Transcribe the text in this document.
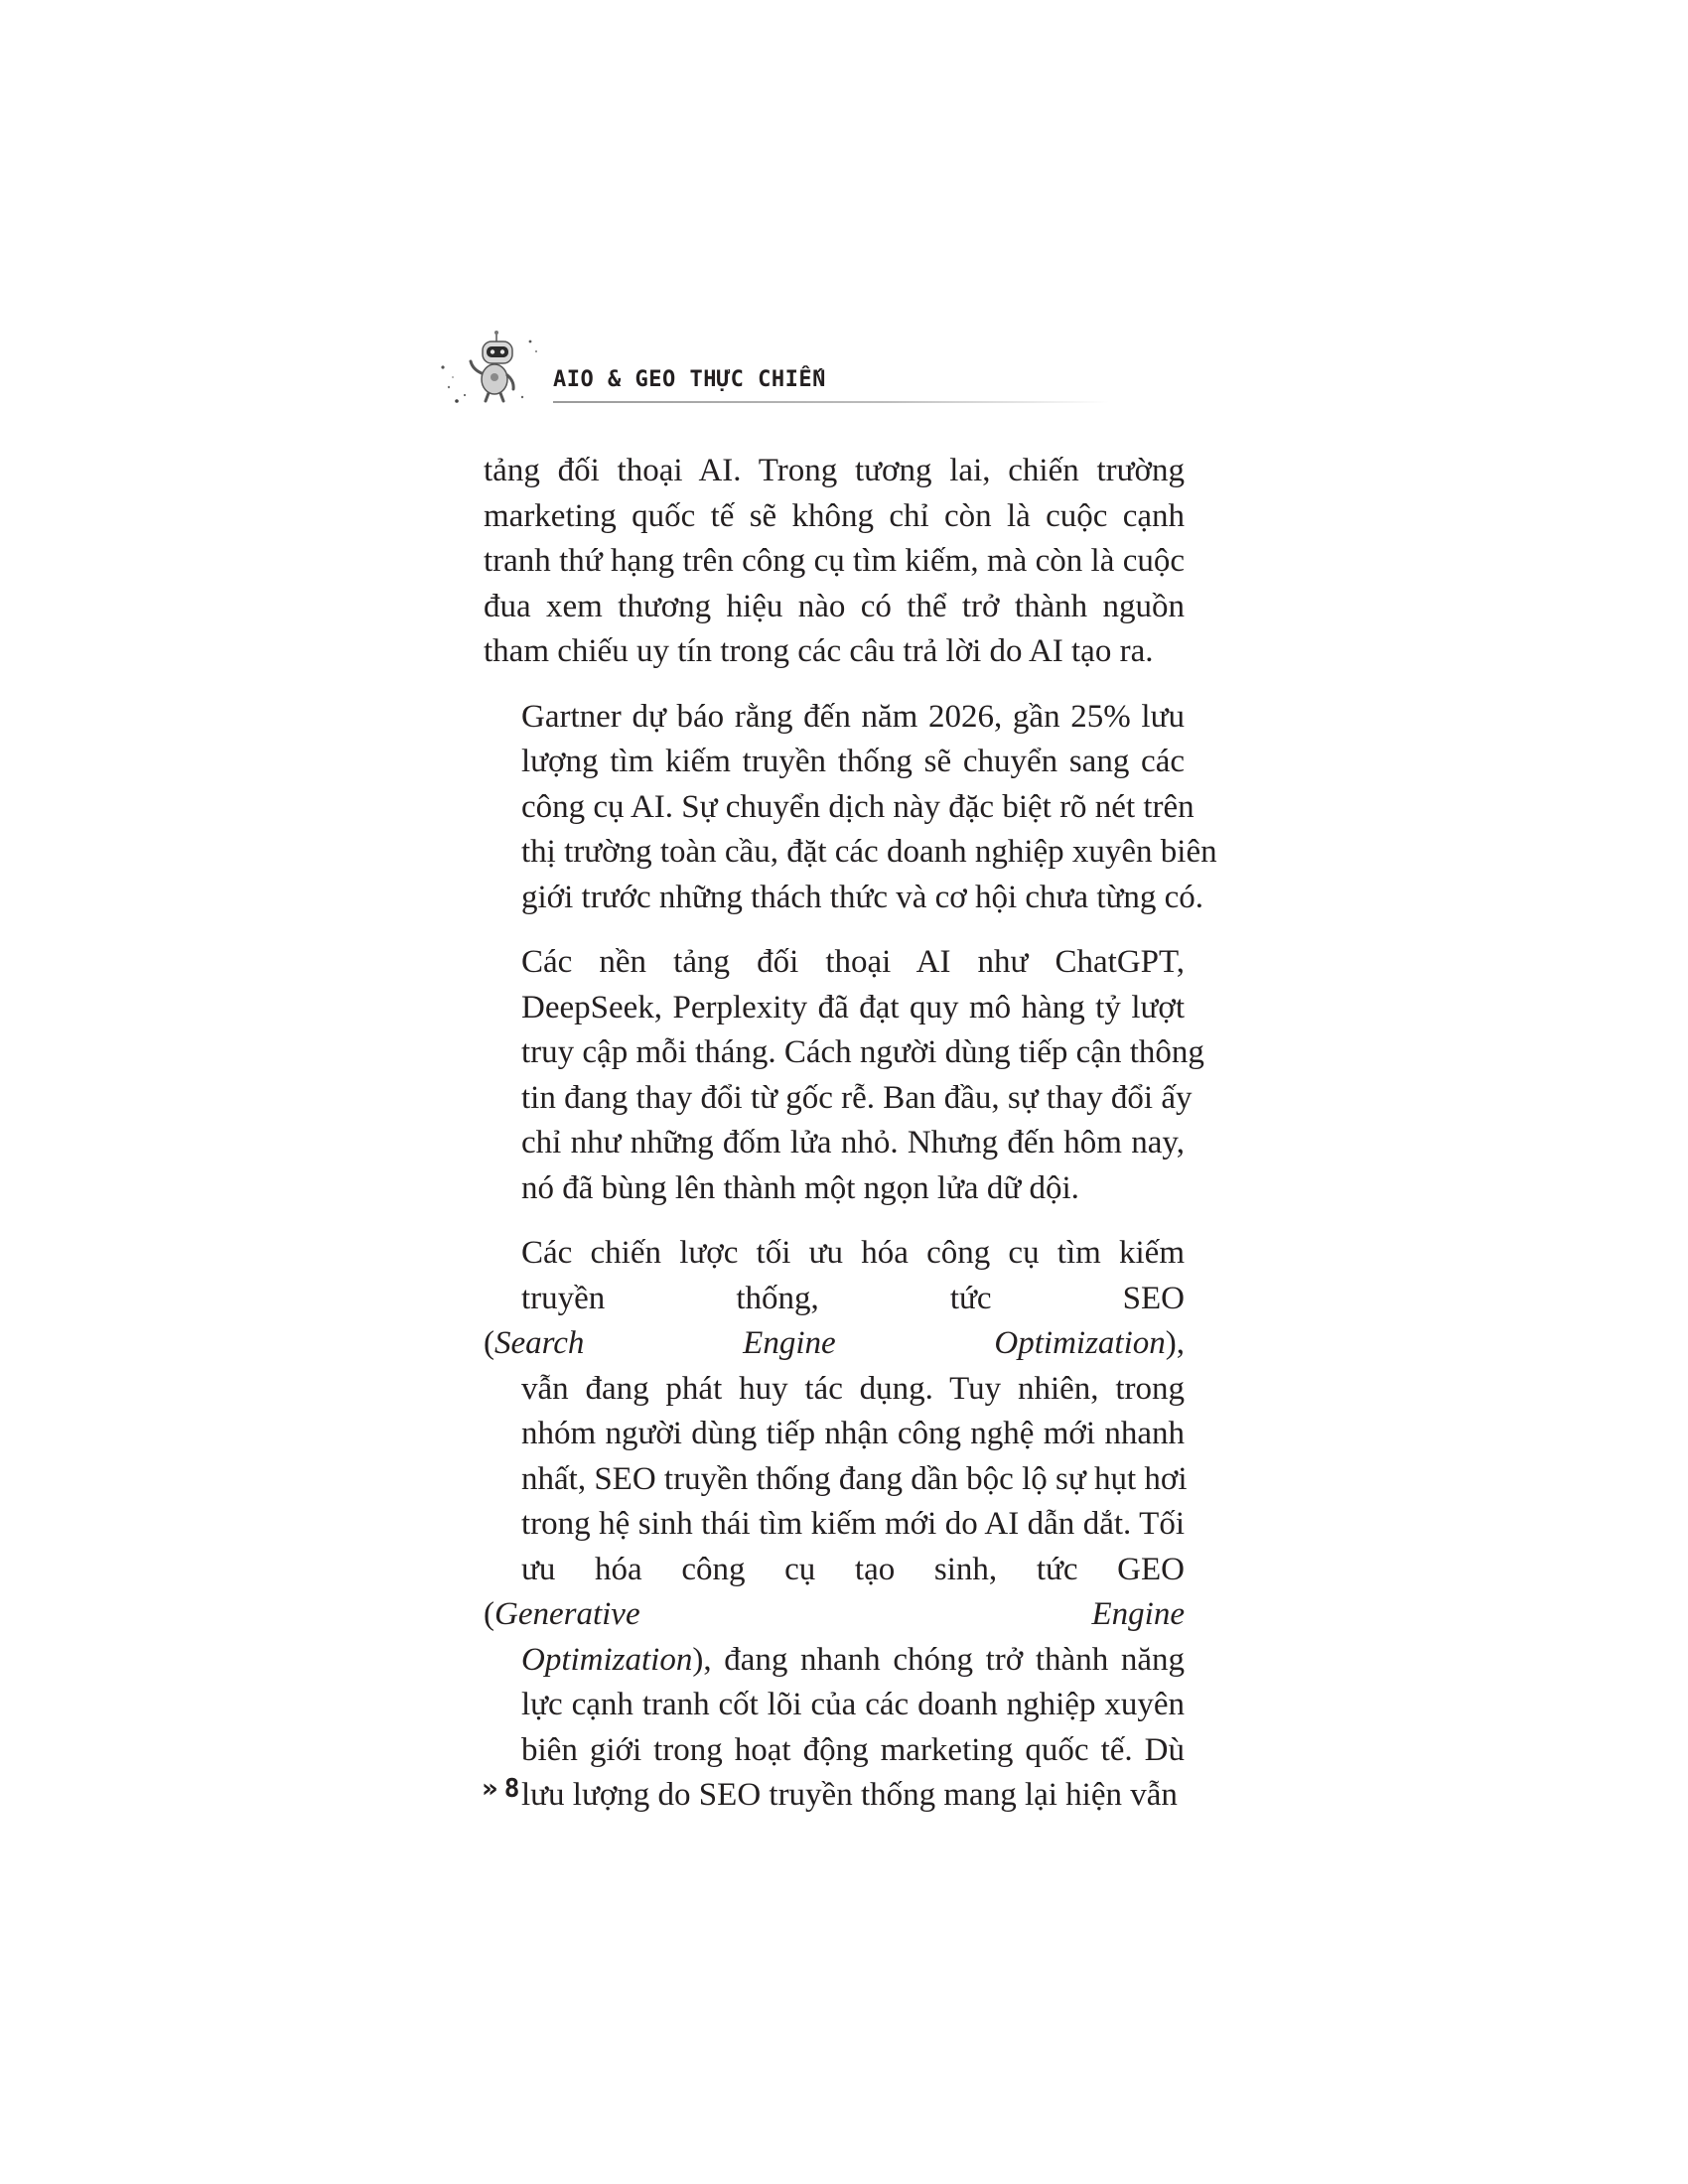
AIO & GEO THỰC CHIẾN

tảng đối thoại AI. Trong tương lai, chiến trường
marketing quốc tế sẽ không chỉ còn là cuộc cạnh
tranh thứ hạng trên công cụ tìm kiếm, mà còn là cuộc
đua xem thương hiệu nào có thể trở thành nguồn
tham chiếu uy tín trong các câu trả lời do AI tạo ra.

Gartner dự báo rằng đến năm 2026, gần 25% lưu
lượng tìm kiếm truyền thống sẽ chuyển sang các
công cụ AI. Sự chuyển dịch này đặc biệt rõ nét trên
thị trường toàn cầu, đặt các doanh nghiệp xuyên biên
giới trước những thách thức và cơ hội chưa từng có.

Các nền tảng đối thoại AI như ChatGPT,
DeepSeek, Perplexity đã đạt quy mô hàng tỷ lượt
truy cập mỗi tháng. Cách người dùng tiếp cận thông
tin đang thay đổi từ gốc rễ. Ban đầu, sự thay đổi ấy
chỉ như những đốm lửa nhỏ. Nhưng đến hôm nay,
nó đã bùng lên thành một ngọn lửa dữ dội.

Các chiến lược tối ưu hóa công cụ tìm kiếm
truyền thống, tức SEO (Search Engine Optimization),
vẫn đang phát huy tác dụng. Tuy nhiên, trong
nhóm người dùng tiếp nhận công nghệ mới nhanh
nhất, SEO truyền thống đang dần bộc lộ sự hụt hơi
trong hệ sinh thái tìm kiếm mới do AI dẫn dắt. Tối
ưu hóa công cụ tạo sinh, tức GEO (Generative Engine
Optimization), đang nhanh chóng trở thành năng
lực cạnh tranh cốt lõi của các doanh nghiệp xuyên
biên giới trong hoạt động marketing quốc tế. Dù
lưu lượng do SEO truyền thống mang lại hiện vẫn

» 8
